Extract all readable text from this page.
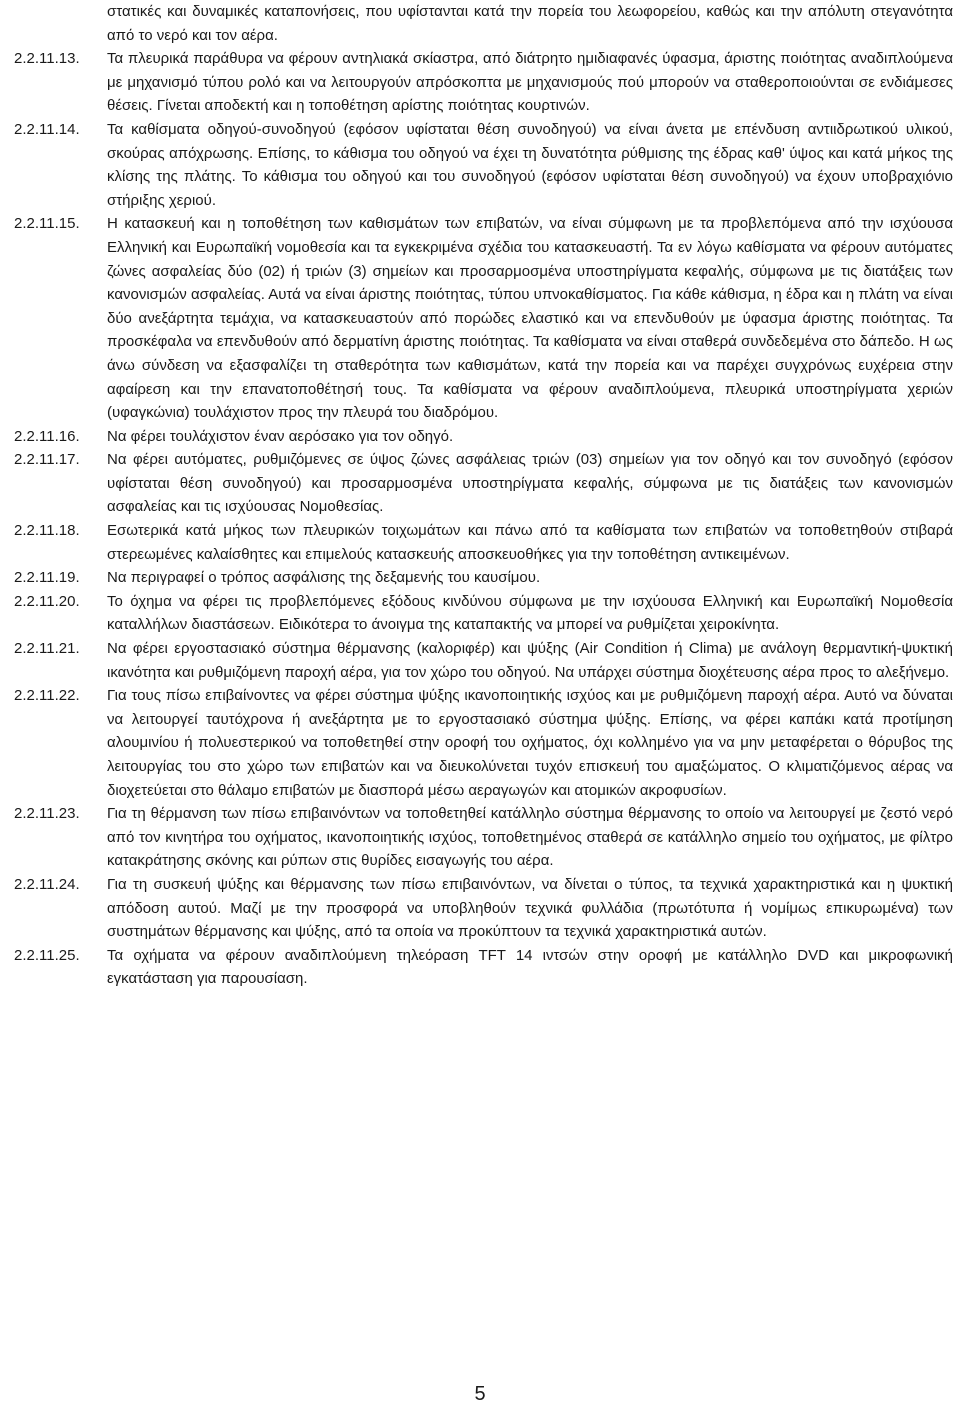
στατικές και δυναμικές καταπονήσεις, που υφίστανται κατά την πορεία του λεωφορείου, καθώς και την απόλυτη στεγανότητα από το νερό και τον αέρα.
2.2.11.13.	Τα πλευρικά παράθυρα να φέρουν αντηλιακά σκίαστρα, από διάτρητο ημιδιαφανές ύφασμα, άριστης ποιότητας αναδιπλούμενα με μηχανισμό τύπου ρολό και να λειτουργούν απρόσκοπτα με μηχανισμούς πού μπορούν να σταθεροποιούνται σε ενδιάμεσες θέσεις. Γίνεται αποδεκτή και η τοποθέτηση αρίστης ποιότητας κουρτινών.
2.2.11.14.	Τα καθίσματα οδηγού-συνοδηγού (εφόσον υφίσταται θέση συνοδηγού) να είναι άνετα με επένδυση αντιιδρωτικού υλικού, σκούρας απόχρωσης. Επίσης, το κάθισμα του οδηγού να έχει τη δυνατότητα ρύθμισης της έδρας καθ' ύψος και κατά μήκος της κλίσης της πλάτης. Το κάθισμα του οδηγού και του συνοδηγού (εφόσον υφίσταται θέση συνοδηγού) να έχουν υποβραχιόνιο στήριξης χεριού.
2.2.11.15.	Η κατασκευή και η τοποθέτηση των καθισμάτων των επιβατών, να είναι σύμφωνη με τα προβλεπόμενα από την ισχύουσα Ελληνική και Ευρωπαϊκή νομοθεσία και τα εγκεκριμένα σχέδια του κατασκευαστή. Τα εν λόγω καθίσματα να φέρουν αυτόματες ζώνες ασφαλείας δύο (02) ή τριών (3) σημείων και προσαρμοσμένα υποστηρίγματα κεφαλής, σύμφωνα με τις διατάξεις των κανονισμών ασφαλείας. Αυτά να είναι άριστης ποιότητας, τύπου υπνοκαθίσματος. Για κάθε κάθισμα, η έδρα και η πλάτη να είναι δύο ανεξάρτητα τεμάχια, να κατασκευαστούν από πορώδες ελαστικό και να επενδυθούν με ύφασμα άριστης ποιότητας. Τα προσκέφαλα να επενδυθούν από δερματίνη άριστης ποιότητας. Τα καθίσματα να είναι σταθερά συνδεδεμένα στο δάπεδο. Η ως άνω σύνδεση να εξασφαλίζει τη σταθερότητα των καθισμάτων, κατά την πορεία και να παρέχει συγχρόνως ευχέρεια στην αφαίρεση και την επανατοποθέτησή τους. Τα καθίσματα να φέρουν αναδιπλούμενα, πλευρικά υποστηρίγματα χεριών (υφαγκώνια) τουλάχιστον προς την πλευρά του διαδρόμου.
2.2.11.16.	Να φέρει τουλάχιστον έναν αερόσακο για τον οδηγό.
2.2.11.17.	Να φέρει αυτόματες, ρυθμιζόμενες σε ύψος ζώνες ασφάλειας τριών (03) σημείων για τον οδηγό και τον συνοδηγό (εφόσον υφίσταται θέση συνοδηγού) και προσαρμοσμένα υποστηρίγματα κεφαλής, σύμφωνα με τις διατάξεις των κανονισμών ασφαλείας και τις ισχύουσας Νομοθεσίας.
2.2.11.18.	Εσωτερικά κατά μήκος των πλευρικών τοιχωμάτων και πάνω από τα καθίσματα των επιβατών να τοποθετηθούν στιβαρά στερεωμένες καλαίσθητες και επιμελούς κατασκευής αποσκευοθήκες για την τοποθέτηση αντικειμένων.
2.2.11.19.	Να περιγραφεί ο τρόπος ασφάλισης της δεξαμενής του καυσίμου.
2.2.11.20.	Το όχημα να φέρει τις προβλεπόμενες εξόδους κινδύνου σύμφωνα με την ισχύουσα Ελληνική και Ευρωπαϊκή Νομοθεσία καταλλήλων διαστάσεων. Ειδικότερα το άνοιγμα της καταπακτής να μπορεί να ρυθμίζεται χειροκίνητα.
2.2.11.21.	Να φέρει εργοστασιακό σύστημα θέρμανσης (καλοριφέρ) και ψύξης (Air Condition ή Clima) με ανάλογη θερμαντική-ψυκτική ικανότητα και ρυθμιζόμενη παροχή αέρα, για τον χώρο του οδηγού. Να υπάρχει σύστημα διοχέτευσης αέρα προς το αλεξήνεμο.
2.2.11.22.	Για τους πίσω επιβαίνοντες να φέρει σύστημα ψύξης ικανοποιητικής ισχύος και με ρυθμιζόμενη παροχή αέρα. Αυτό να δύναται να λειτουργεί ταυτόχρονα ή ανεξάρτητα με το εργοστασιακό σύστημα ψύξης. Επίσης, να φέρει καπάκι κατά προτίμηση αλουμινίου ή πολυεστερικού να τοποθετηθεί στην οροφή του οχήματος, όχι κολλημένο για να μην μεταφέρεται ο θόρυβος της λειτουργίας του στο χώρο των επιβατών και να διευκολύνεται τυχόν επισκευή του αμαξώματος. Ο κλιματιζόμενος αέρας να διοχετεύεται στο θάλαμο επιβατών με διασπορά μέσω αεραγωγών και ατομικών ακροφυσίων.
2.2.11.23.	Για τη θέρμανση των πίσω επιβαινόντων να τοποθετηθεί κατάλληλο σύστημα θέρμανσης το οποίο να λειτουργεί με ζεστό νερό από τον κινητήρα του οχήματος, ικανοποιητικής ισχύος, τοποθετημένος σταθερά σε κατάλληλο σημείο του οχήματος, με φίλτρο κατακράτησης σκόνης και ρύπων στις θυρίδες εισαγωγής του αέρα.
2.2.11.24.	Για τη συσκευή ψύξης και θέρμανσης των πίσω επιβαινόντων, να δίνεται ο τύπος, τα τεχνικά χαρακτηριστικά και η ψυκτική απόδοση αυτού. Μαζί με την προσφορά να υποβληθούν τεχνικά φυλλάδια (πρωτότυπα ή νομίμως επικυρωμένα) των συστημάτων θέρμανσης και ψύξης, από τα οποία να προκύπτουν τα τεχνικά χαρακτηριστικά αυτών.
2.2.11.25.	Τα οχήματα να φέρουν αναδιπλούμενη τηλεόραση TFT 14 ιντσών στην οροφή με κατάλληλο DVD και μικροφωνική εγκατάσταση για παρουσίαση.
5
